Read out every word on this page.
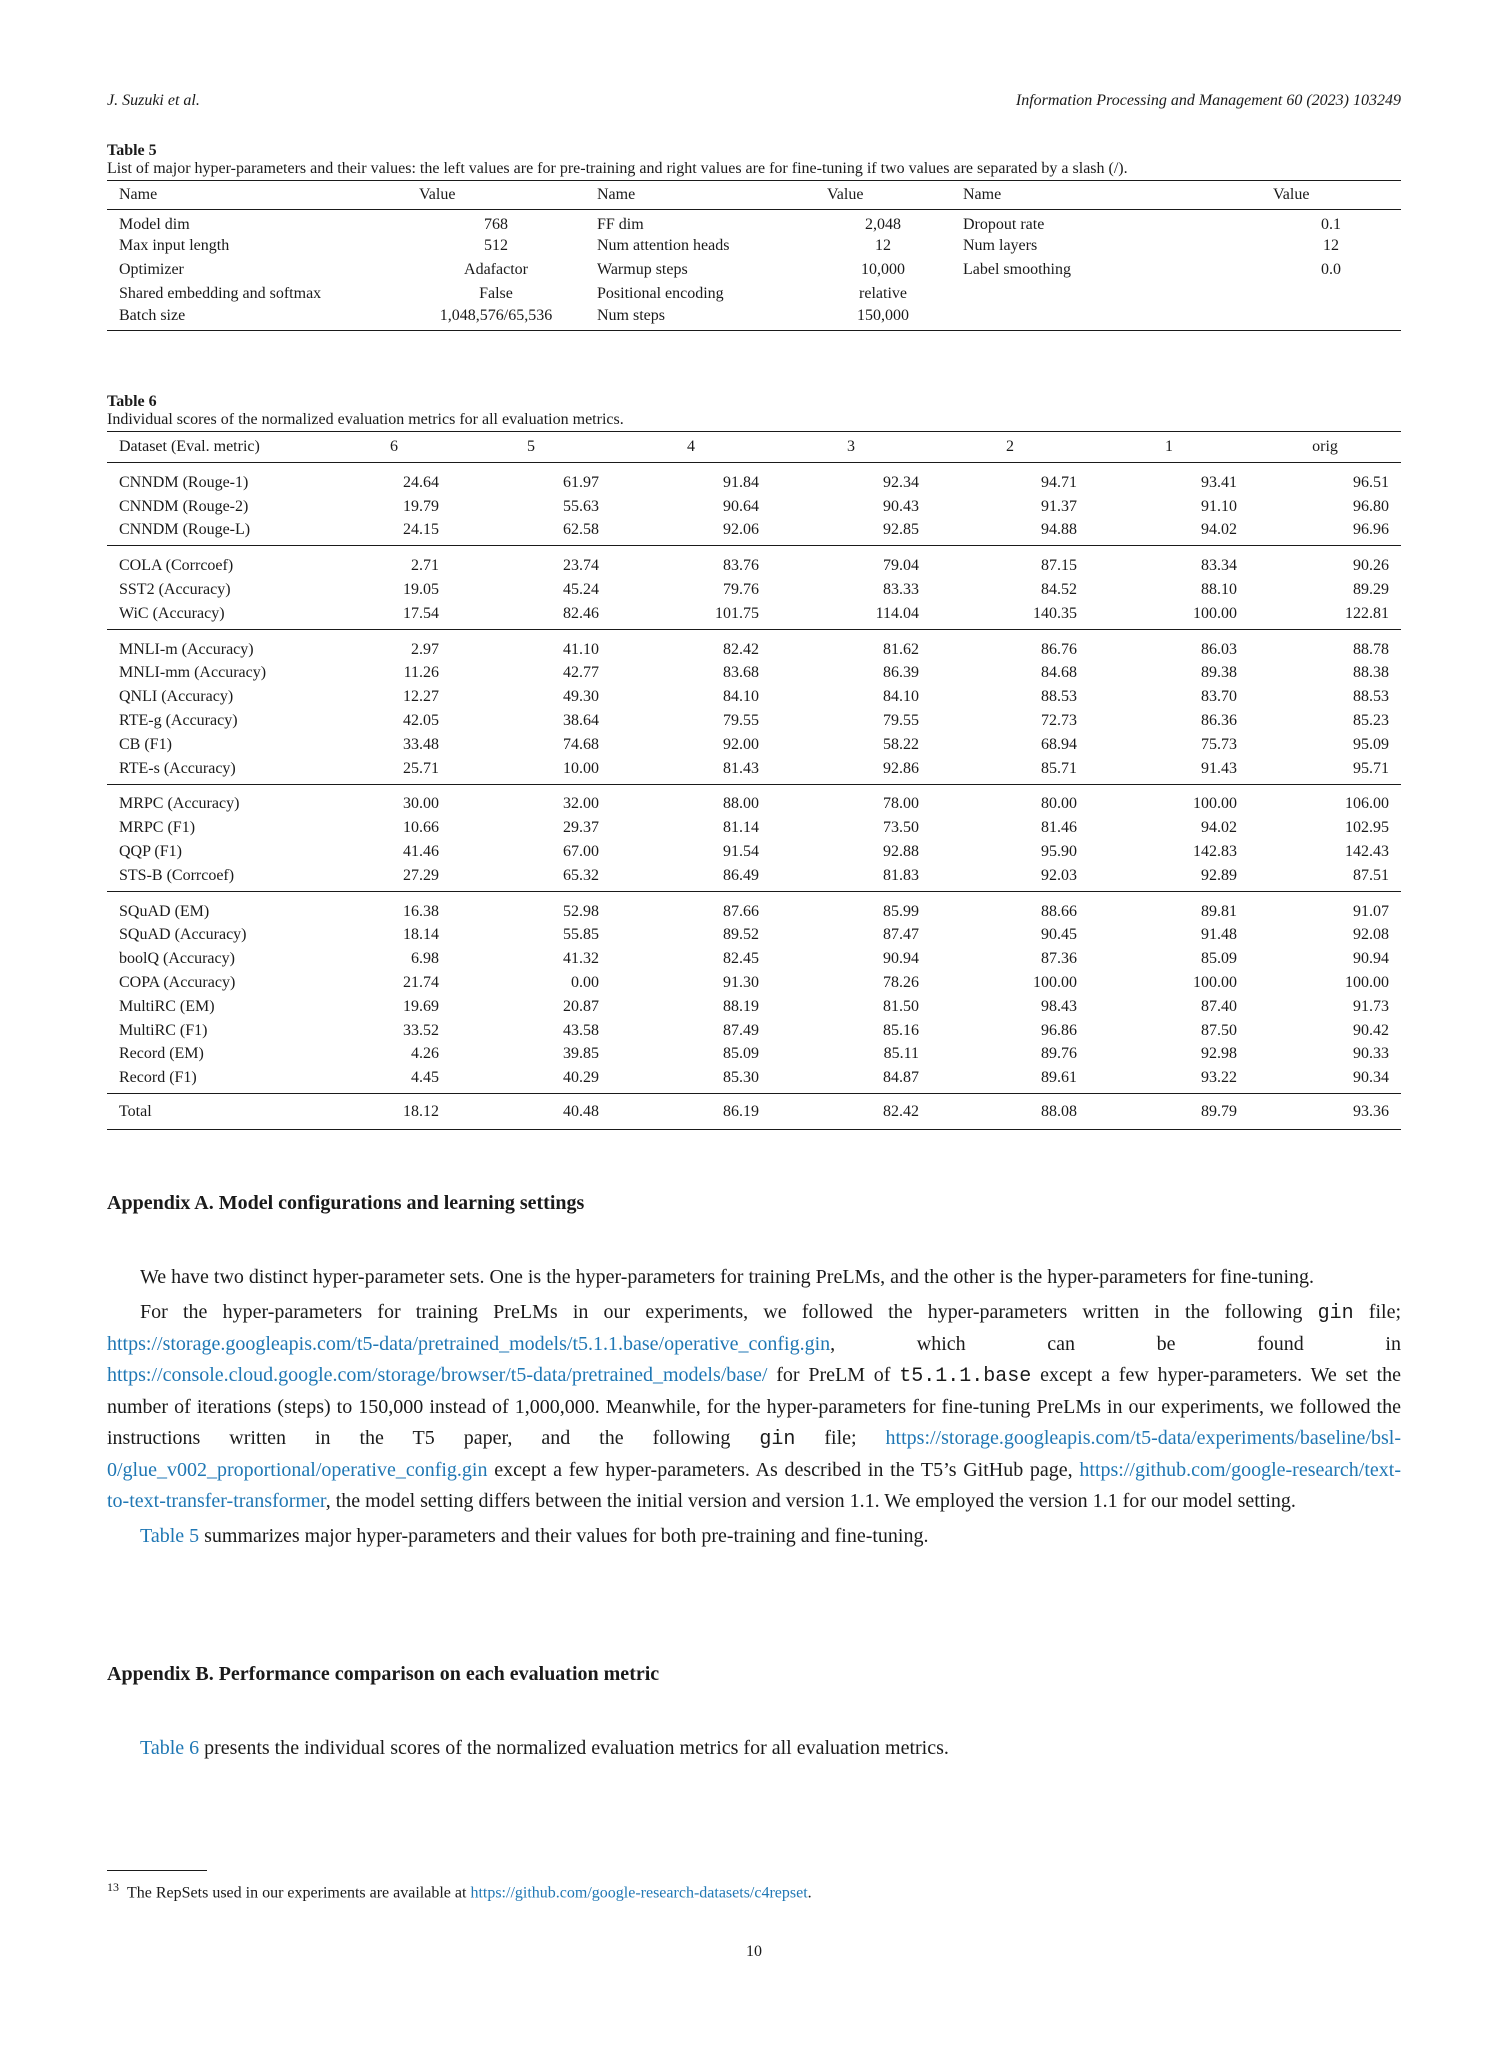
J. Suzuki et al.	Information Processing and Management 60 (2023) 103249
Table 5
List of major hyper-parameters and their values: the left values are for pre-training and right values are for fine-tuning if two values are separated by a slash (/).
Name	Value	Name	Value	Name	Value
Model dim	768	FF dim	2,048	Dropout rate	0.1
Max input length	512	Num attention heads	12	Num layers	12
Optimizer	Adafactor	Warmup steps	10,000	Label smoothing	0.0
Shared embedding and softmax	False	Positional encoding	relative		
Batch size	1,048,576/65,536	Num steps	150,000		
Table 6
Individual scores of the normalized evaluation metrics for all evaluation metrics.
Dataset (Eval. metric)	6	5	4	3	2	1	orig
CNNDM (Rouge-1)	24.64	61.97	91.84	92.34	94.71	93.41	96.51
CNNDM (Rouge-2)	19.79	55.63	90.64	90.43	91.37	91.10	96.80
CNNDM (Rouge-L)	24.15	62.58	92.06	92.85	94.88	94.02	96.96
COLA (Corrcoef)	2.71	23.74	83.76	79.04	87.15	83.34	90.26
SST2 (Accuracy)	19.05	45.24	79.76	83.33	84.52	88.10	89.29
WiC (Accuracy)	17.54	82.46	101.75	114.04	140.35	100.00	122.81
MNLI-m (Accuracy)	2.97	41.10	82.42	81.62	86.76	86.03	88.78
MNLI-mm (Accuracy)	11.26	42.77	83.68	86.39	84.68	89.38	88.38
QNLI (Accuracy)	12.27	49.30	84.10	84.10	88.53	83.70	88.53
RTE-g (Accuracy)	42.05	38.64	79.55	79.55	72.73	86.36	85.23
CB (F1)	33.48	74.68	92.00	58.22	68.94	75.73	95.09
RTE-s (Accuracy)	25.71	10.00	81.43	92.86	85.71	91.43	95.71
MRPC (Accuracy)	30.00	32.00	88.00	78.00	80.00	100.00	106.00
MRPC (F1)	10.66	29.37	81.14	73.50	81.46	94.02	102.95
QQP (F1)	41.46	67.00	91.54	92.88	95.90	142.83	142.43
STS-B (Corrcoef)	27.29	65.32	86.49	81.83	92.03	92.89	87.51
SQuAD (EM)	16.38	52.98	87.66	85.99	88.66	89.81	91.07
SQuAD (Accuracy)	18.14	55.85	89.52	87.47	90.45	91.48	92.08
boolQ (Accuracy)	6.98	41.32	82.45	90.94	87.36	85.09	90.94
COPA (Accuracy)	21.74	0.00	91.30	78.26	100.00	100.00	100.00
MultiRC (EM)	19.69	20.87	88.19	81.50	98.43	87.40	91.73
MultiRC (F1)	33.52	43.58	87.49	85.16	96.86	87.50	90.42
Record (EM)	4.26	39.85	85.09	85.11	89.76	92.98	90.33
Record (F1)	4.45	40.29	85.30	84.87	89.61	93.22	90.34
Total	18.12	40.48	86.19	82.42	88.08	89.79	93.36
Appendix A. Model configurations and learning settings

We have two distinct hyper-parameter sets. One is the hyper-parameters for training PreLMs, and the other is the hyper-parameters for fine-tuning.

For the hyper-parameters for training PreLMs in our experiments, we followed the hyper-parameters written in the following gin file; https://storage.googleapis.com/t5-data/pretrained_models/t5.1.1.base/operative_config.gin, which can be found in https://console.cloud.google.com/storage/browser/t5-data/pretrained_models/base/ for PreLM of t5.1.1.base except a few hyper-parameters. We set the number of iterations (steps) to 150,000 instead of 1,000,000. Meanwhile, for the hyper-parameters for fine-tuning PreLMs in our experiments, we followed the instructions written in the T5 paper, and the following gin file; https://storage.googleapis.com/t5-data/experiments/baseline/bsl-0/glue_v002_proportional/operative_config.gin except a few hyper-parameters. As described in the T5’s GitHub page, https://github.com/google-research/text-to-text-transfer-transformer, the model setting differs between the initial version and version 1.1. We employed the version 1.1 for our model setting.

Table 5 summarizes major hyper-parameters and their values for both pre-training and fine-tuning.

Appendix B. Performance comparison on each evaluation metric

Table 6 presents the individual scores of the normalized evaluation metrics for all evaluation metrics.

$^{13}$ The RepSets used in our experiments are available at https://github.com/google-research-datasets/c4repset.
10
